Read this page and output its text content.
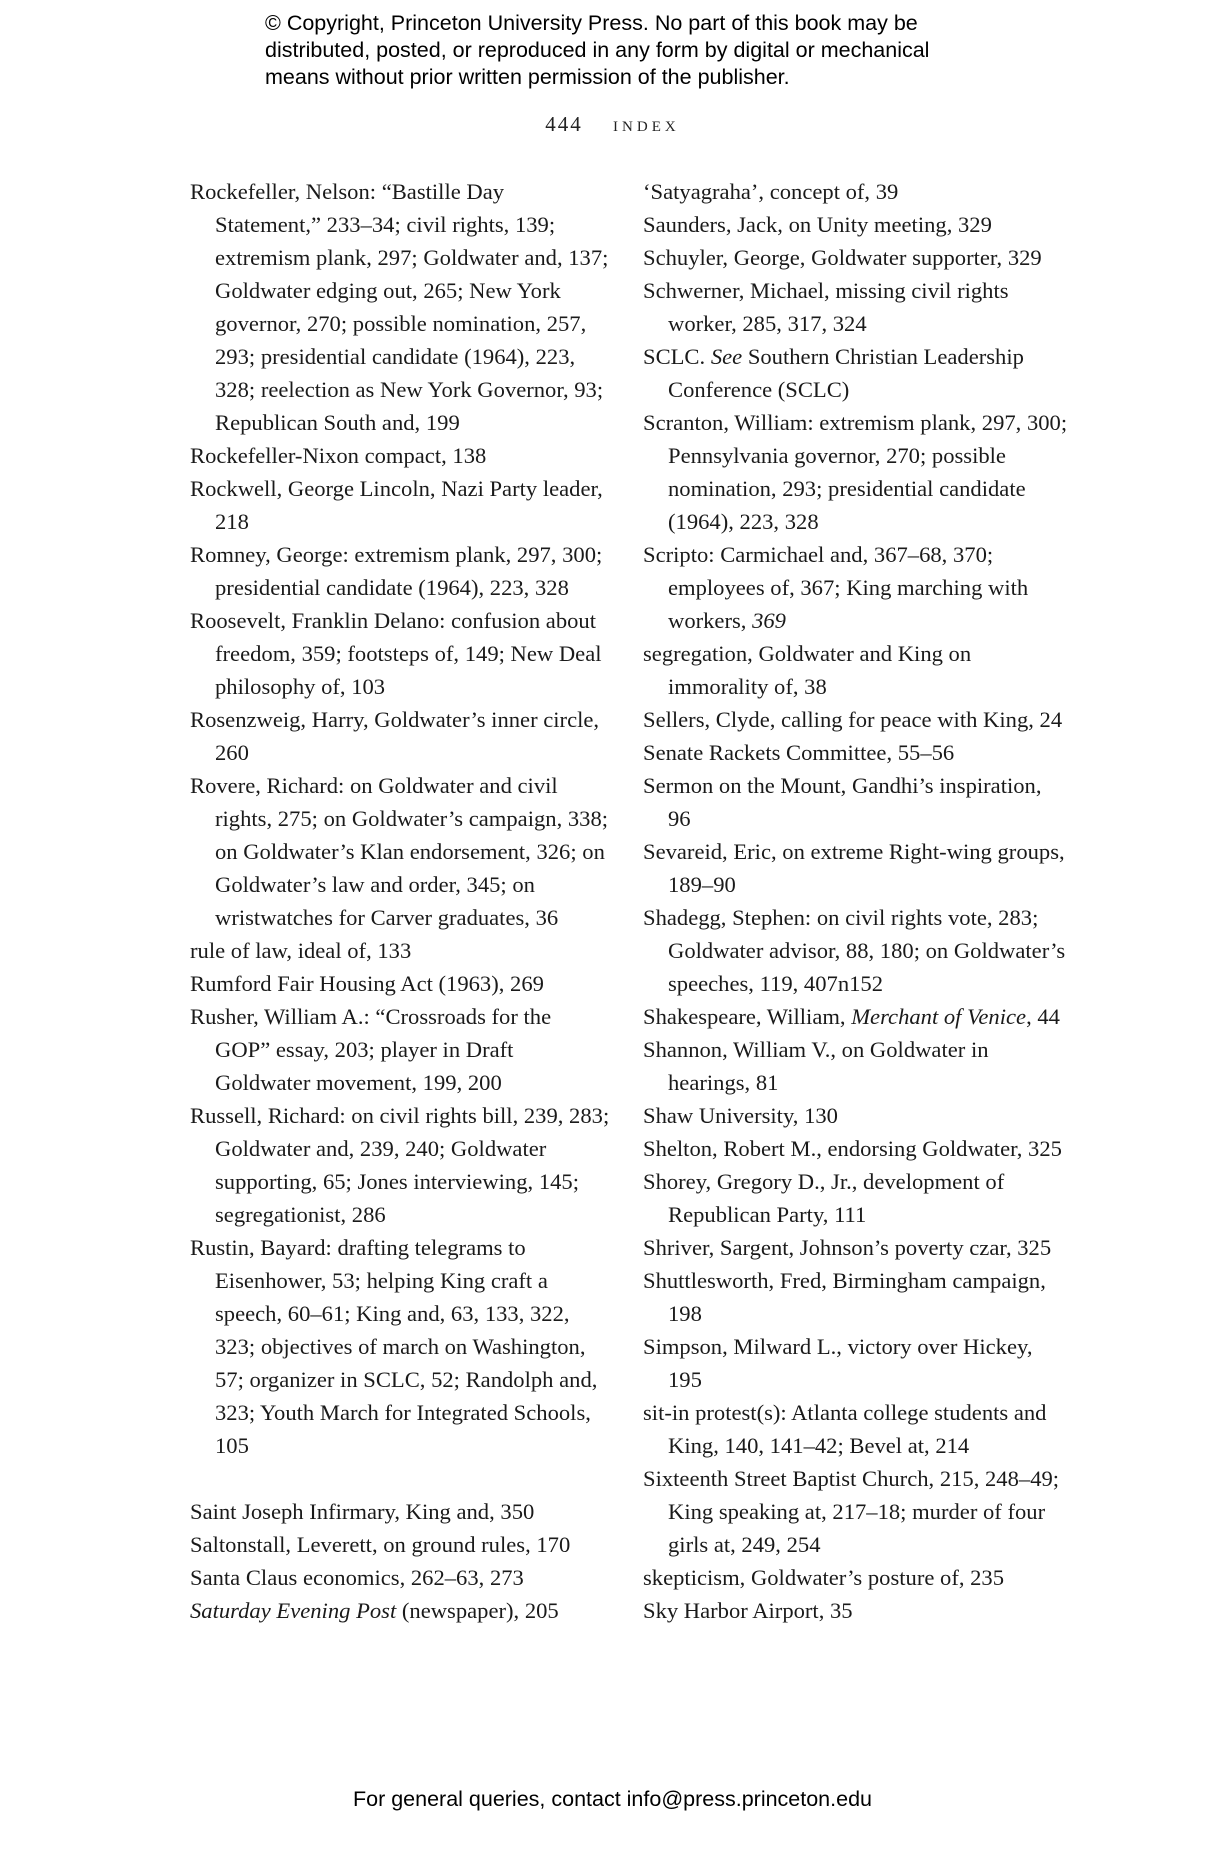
© Copyright, Princeton University Press. No part of this book may be distributed, posted, or reproduced in any form by digital or mechanical means without prior written permission of the publisher.
444 index

Rockefeller, Nelson: “Bastille Day Statement,” 233–34; civil rights, 139; extremism plank, 297; Goldwater and, 137; Goldwater edging out, 265; New York governor, 270; possible nomination, 257, 293; presidential candidate (1964), 223, 328; reelection as New York Governor, 93; Republican South and, 199

Rockefeller-Nixon compact, 138

Rockwell, George Lincoln, Nazi Party leader, 218

Romney, George: extremism plank, 297, 300; presidential candidate (1964), 223, 328

Roosevelt, Franklin Delano: confusion about freedom, 359; footsteps of, 149; New Deal philosophy of, 103

Rosenzweig, Harry, Goldwater’s inner circle, 260

Rovere, Richard: on Goldwater and civil rights, 275; on Goldwater’s campaign, 338; on Goldwater’s Klan endorsement, 326; on Goldwater’s law and order, 345; on wristwatches for Carver graduates, 36

rule of law, ideal of, 133

Rumford Fair Housing Act (1963), 269

Rusher, William A.: “Crossroads for the GOP” essay, 203; player in Draft Goldwater movement, 199, 200

Russell, Richard: on civil rights bill, 239, 283; Goldwater and, 239, 240; Goldwater supporting, 65; Jones interviewing, 145; segregationist, 286

Rustin, Bayard: drafting telegrams to Eisenhower, 53; helping King craft a speech, 60–61; King and, 63, 133, 322, 323; objectives of march on Washington, 57; organizer in SCLC, 52; Randolph and, 323; Youth March for Integrated Schools, 105

Saint Joseph Infirmary, King and, 350

Saltonstall, Leverett, on ground rules, 170

Santa Claus economics, 262–63, 273

Saturday Evening Post (newspaper), 205

‘Satyagraha’, concept of, 39

Saunders, Jack, on Unity meeting, 329

Schuyler, George, Goldwater supporter, 329

Schwerner, Michael, missing civil rights worker, 285, 317, 324

SCLC. See Southern Christian Leadership Conference (SCLC)

Scranton, William: extremism plank, 297, 300; Pennsylvania governor, 270; possible nomination, 293; presidential candidate (1964), 223, 328

Scripto: Carmichael and, 367–68, 370; employees of, 367; King marching with workers, 369

segregation, Goldwater and King on immorality of, 38

Sellers, Clyde, calling for peace with King, 24

Senate Rackets Committee, 55–56

Sermon on the Mount, Gandhi’s inspiration, 96

Sevareid, Eric, on extreme Right-wing groups, 189–90

Shadegg, Stephen: on civil rights vote, 283; Goldwater advisor, 88, 180; on Goldwater’s speeches, 119, 407n152

Shakespeare, William, Merchant of Venice, 44

Shannon, William V., on Goldwater in hearings, 81

Shaw University, 130

Shelton, Robert M., endorsing Goldwater, 325

Shorey, Gregory D., Jr., development of Republican Party, 111

Shriver, Sargent, Johnson’s poverty czar, 325

Shuttlesworth, Fred, Birmingham campaign, 198

Simpson, Milward L., victory over Hickey, 195

sit-in protest(s): Atlanta college students and King, 140, 141–42; Bevel at, 214

Sixteenth Street Baptist Church, 215, 248–49; King speaking at, 217–18; murder of four girls at, 249, 254

skepticism, Goldwater’s posture of, 235

Sky Harbor Airport, 35

For general queries, contact info@press.princeton.edu
